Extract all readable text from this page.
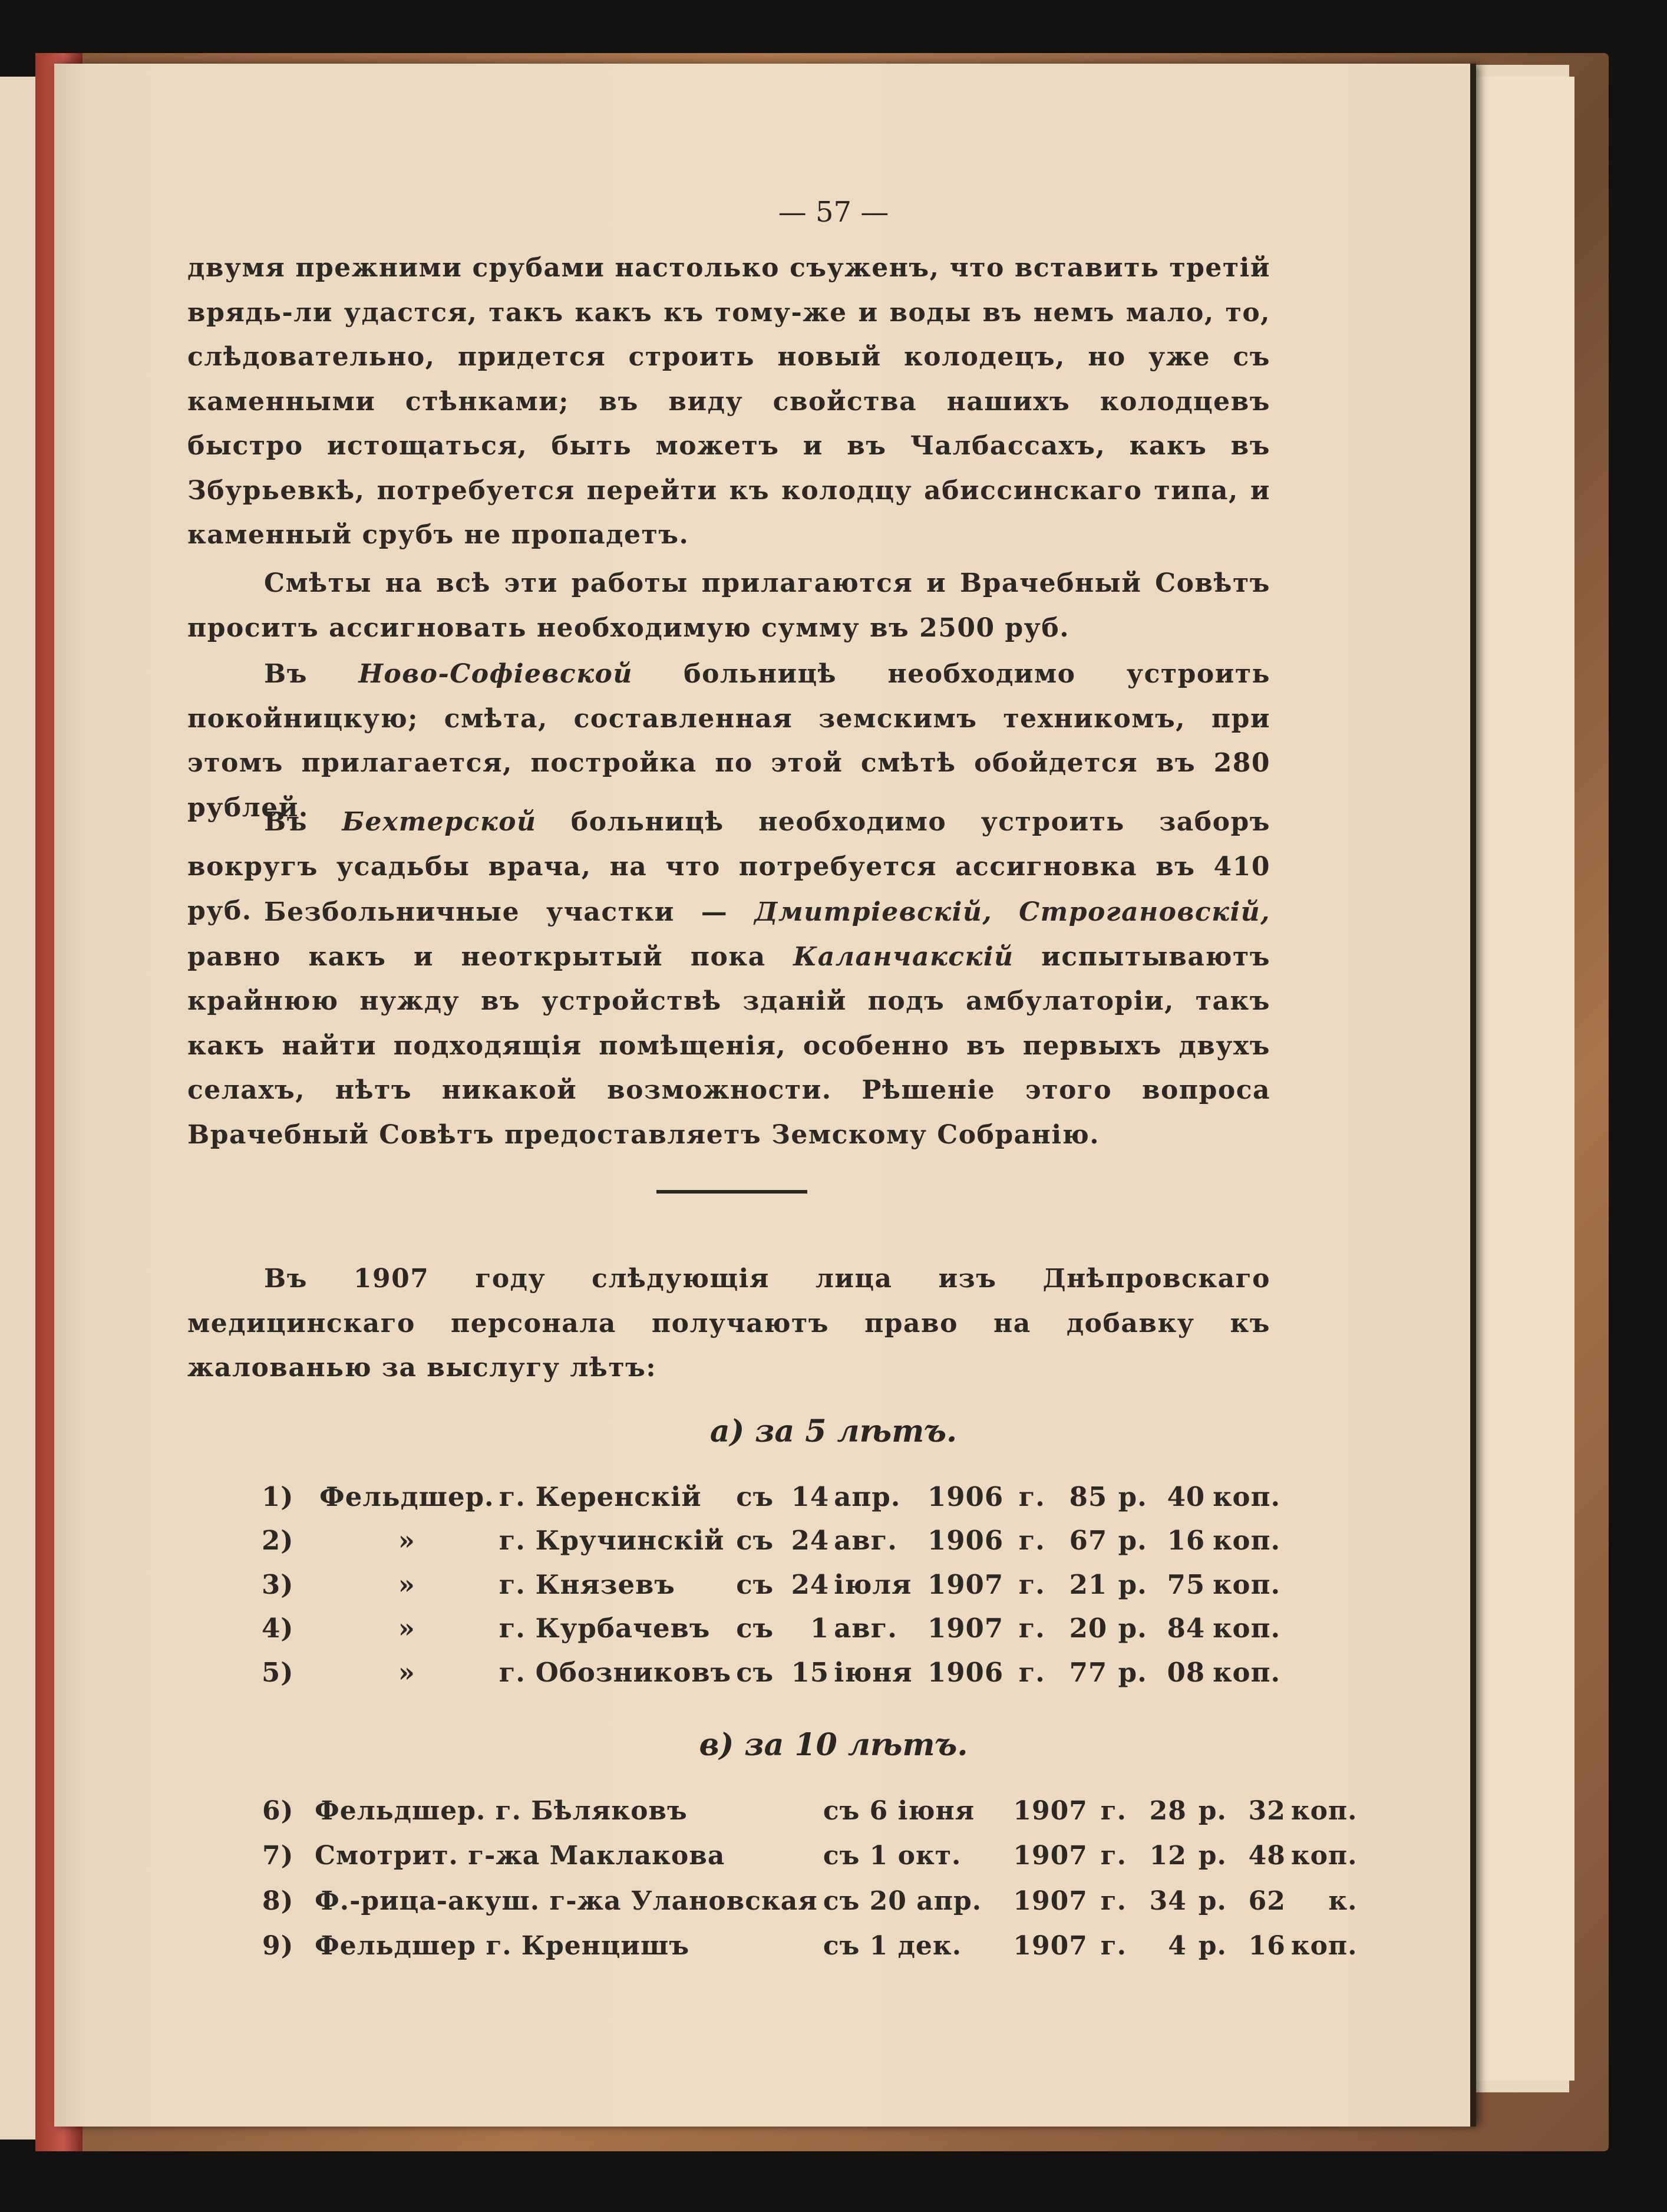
— 57 —
двумя прежними срубами настолько съуженъ, что вставить третій врядь-ли удастся, такъ какъ къ тому-же и воды въ немъ мало, то, слѣдовательно, придется строить новый колодецъ, но уже съ каменными стѣнками; въ виду свойства нашихъ колодцевъ быстро истощаться, быть можетъ и въ Чалбассахъ, какъ въ Збурьевкѣ, потребуется перейти къ колодцу абиссинскаго типа, и каменный срубъ не пропадетъ.
Смѣты на всѣ эти работы прилагаются и Врачебный Совѣтъ проситъ ассигновать необходимую сумму въ 2500 руб.
Въ Ново-Софіевской больницѣ необходимо устроить покойницкую; смѣта, составленная земскимъ техникомъ, при этомъ прилагается, постройка по этой смѣтѣ обойдется въ 280 рублей.
Въ Бехтерской больницѣ необходимо устроить заборъ вокругъ усадьбы врача, на что потребуется ассигновка въ 410 руб. Безбольничные участки — Дмитріевскій, Строгановскій, равно какъ и неоткрытый пока Каланчакскій испытываютъ крайнюю нужду въ устройствѣ зданій подъ амбулаторіи, такъ какъ найти подходящія помѣщенія, особенно въ первыхъ двухъ селахъ, нѣтъ никакой возможности. Рѣшеніе этого вопроса Врачебный Совѣтъ предоставляетъ Земскому Собранію.
Въ 1907 году слѣдующія лица изъ Днѣпровскаго медицинскаго персонала получаютъ право на добавку къ жалованью за выслугу лѣтъ:
а) за 5 лѣтъ.
1)	Фельдшер.	г. Керенскій	съ	14	апр.	1906	г.	85	р.	40	коп.
2)	»	г. Кручинскій	съ	24	авг.	1906	г.	67	р.	16	коп.
3)	»	г. Князевъ	съ	24	іюля	1907	г.	21	р.	75	коп.
4)	»	г. Курбачевъ	съ	1	авг.	1907	г.	20	р.	84	коп.
5)	»	г. Обозниковъ	съ	15	іюня	1906	г.	77	р.	08	коп.
в) за 10 лѣтъ.
6)	Фельдшер. г. Бѣляковъ	съ 6 іюня	1907	г.	28	р.	32	коп.
7)	Смотрит. г-жа Маклакова	съ 1 окт.	1907	г.	12	р.	48	коп.
8)	Ф.-рица-акуш. г-жа Улановская	съ 20 апр.	1907	г.	34	р.	62	к.
9)	Фельдшер г. Кренцишъ	съ 1 дек.	1907	г.	4	р.	16	коп.
